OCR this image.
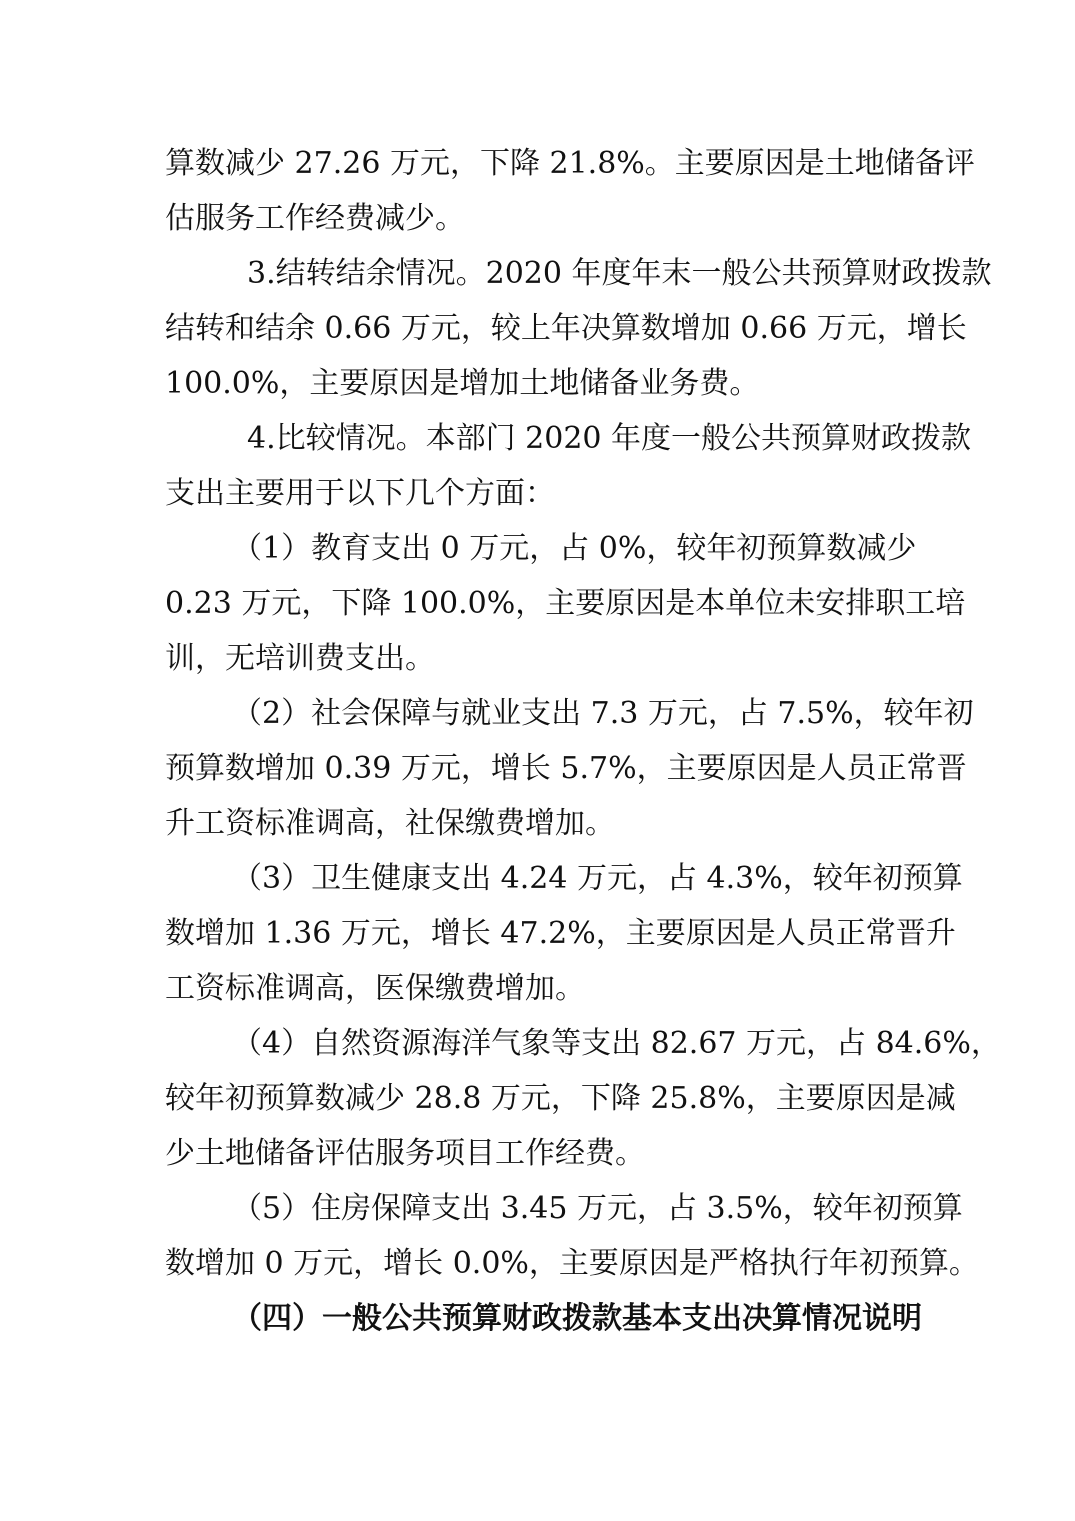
算数减少 27.26 万元，下降 21.8%。主要原因是土地储备评

估服务工作经费减少。

3.结转结余情况。2020 年度年末一般公共预算财政拨款

结转和结余 0.66 万元，较上年决算数增加 0.66 万元，增长

100.0%，主要原因是增加土地储备业务费。

4.比较情况。本部门 2020 年度一般公共预算财政拨款

支出主要用于以下几个方面：

（1）教育支出 0 万元，占 0%，较年初预算数减少

0.23 万元，下降 100.0%，主要原因是本单位未安排职工培

训，无培训费支出。

（2）社会保障与就业支出 7.3 万元，占 7.5%，较年初

预算数增加 0.39 万元，增长 5.7%，主要原因是人员正常晋

升工资标准调高，社保缴费增加。

（3）卫生健康支出 4.24 万元，占 4.3%，较年初预算

数增加 1.36 万元，增长 47.2%，主要原因是人员正常晋升

工资标准调高，医保缴费增加。

（4）自然资源海洋气象等支出 82.67 万元，占 84.6%，

较年初预算数减少 28.8 万元，下降 25.8%，主要原因是减

少土地储备评估服务项目工作经费。

（5）住房保障支出 3.45 万元，占 3.5%，较年初预算

数增加 0 万元，增长 0.0%，主要原因是严格执行年初预算。

（四）一般公共预算财政拨款基本支出决算情况说明
